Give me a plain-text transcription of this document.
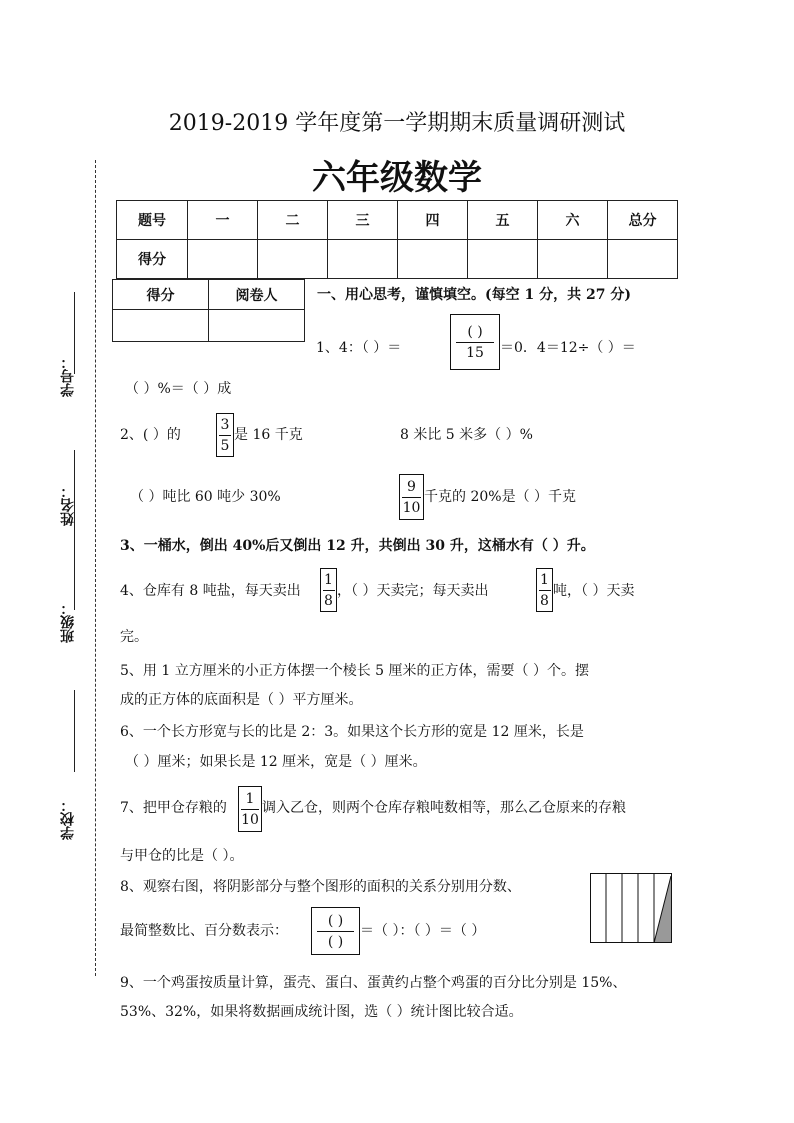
2019-2019 学年度第一学期期末质量调研测试
六年级数学
题号	一	二	三	四	五	六	总分
得分							
得分	阅卷人

学号：
姓名：
班级：
学校：
一、用心思考，谨慎填空。(每空 1 分，共 27 分)
1、4：（ ）＝
( )
15 ＝0．4＝12÷（ ）＝
（ ）%＝（ ）成
2、( ）的
3
5
是 16 千克	8 米比 5 米多（ ）%
（ ）吨比 60 吨少 30%
9
10
千克的 20%是（ ）千克
3、一桶水，倒出 40%后又倒出 12 升，共倒出 30 升，这桶水有（ ）升。
4、仓库有 8 吨盐，每天卖出
1
8
，（ ）天卖完；每天卖出
1
8
吨，（ ）天卖
完。
5、用 1 立方厘米的小正方体摆一个棱长 5 厘米的正方体，需要（ ）个。摆
成的正方体的底面积是（ ）平方厘米。
6、一个长方形宽与长的比是 2：3。如果这个长方形的宽是 12 厘米，长是
（ ）厘米；如果长是 12 厘米，宽是（ ）厘米。
7、把甲仓存粮的
1
10
调入乙仓，则两个仓库存粮吨数相等，那么乙仓原来的存粮
与甲仓的比是（ ）。
8、观察右图，将阴影部分与整个图形的面积的关系分别用分数、
最简整数比、百分数表示：
( )
( )
＝（ ）：（ ）＝（ ）
9、一个鸡蛋按质量计算，蛋壳、蛋白、蛋黄约占整个鸡蛋的百分比分别是 15%、
53%、32%，如果将数据画成统计图，选（ ）统计图比较合适。
